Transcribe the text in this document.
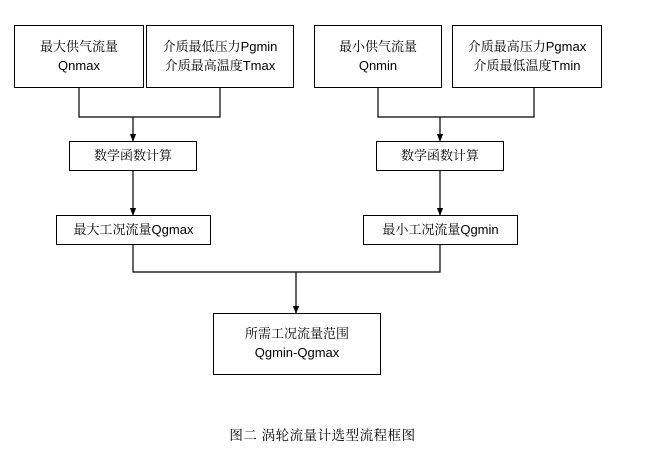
最大供气流量
Qnmax
介质最低压力Pgmin
介质最高温度Tmax
最小供气流量
Qnmin
介质最高压力Pgmax
介质最低温度Tmin
数学函数计算	数学函数计算
最大工况流量Qgmax	最小工况流量Qgmin
所需工况流量范围
Qgmin-Qgmax
图二 涡轮流量计选型流程框图
